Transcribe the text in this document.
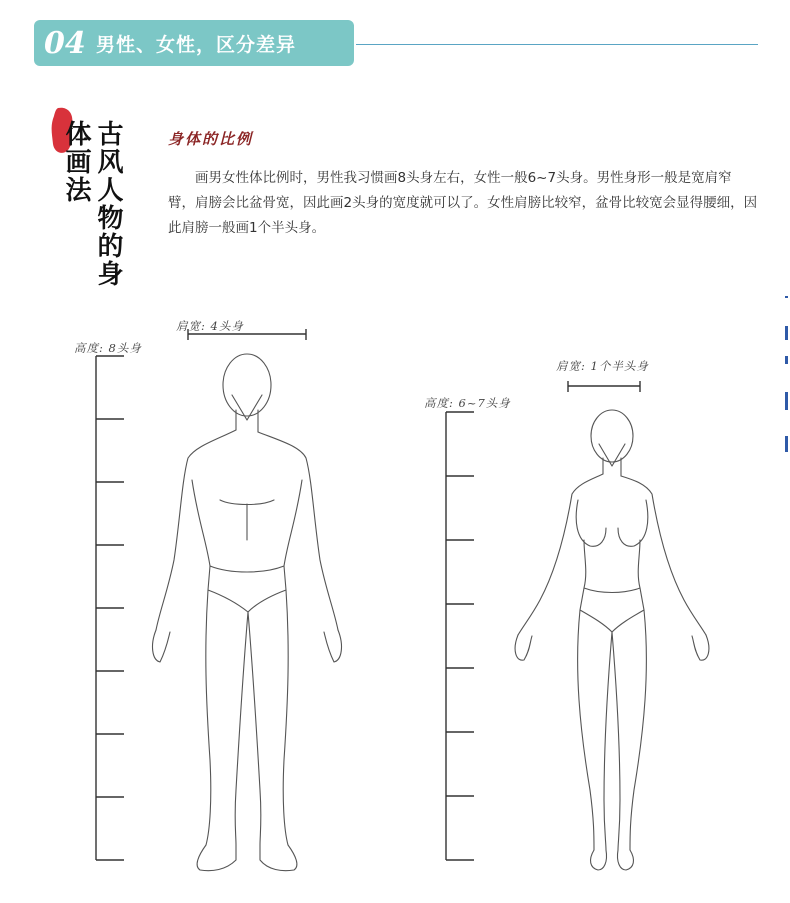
04 男性、女性，区分差异
古风人物的身体画法	身体的比例
画男女性体比例时，男性我习惯画8头身左右，女性一般6~7头身。男性身形一般是宽肩窄臂，肩膀会比盆骨宽，因此画2头身的宽度就可以了。女性肩膀比较窄，盆骨比较宽会显得腰细，因此肩膀一般画1个半头身。
高度: 8头身
肩宽: 4头身
高度: 6~7头身
肩宽: 1个半头身
